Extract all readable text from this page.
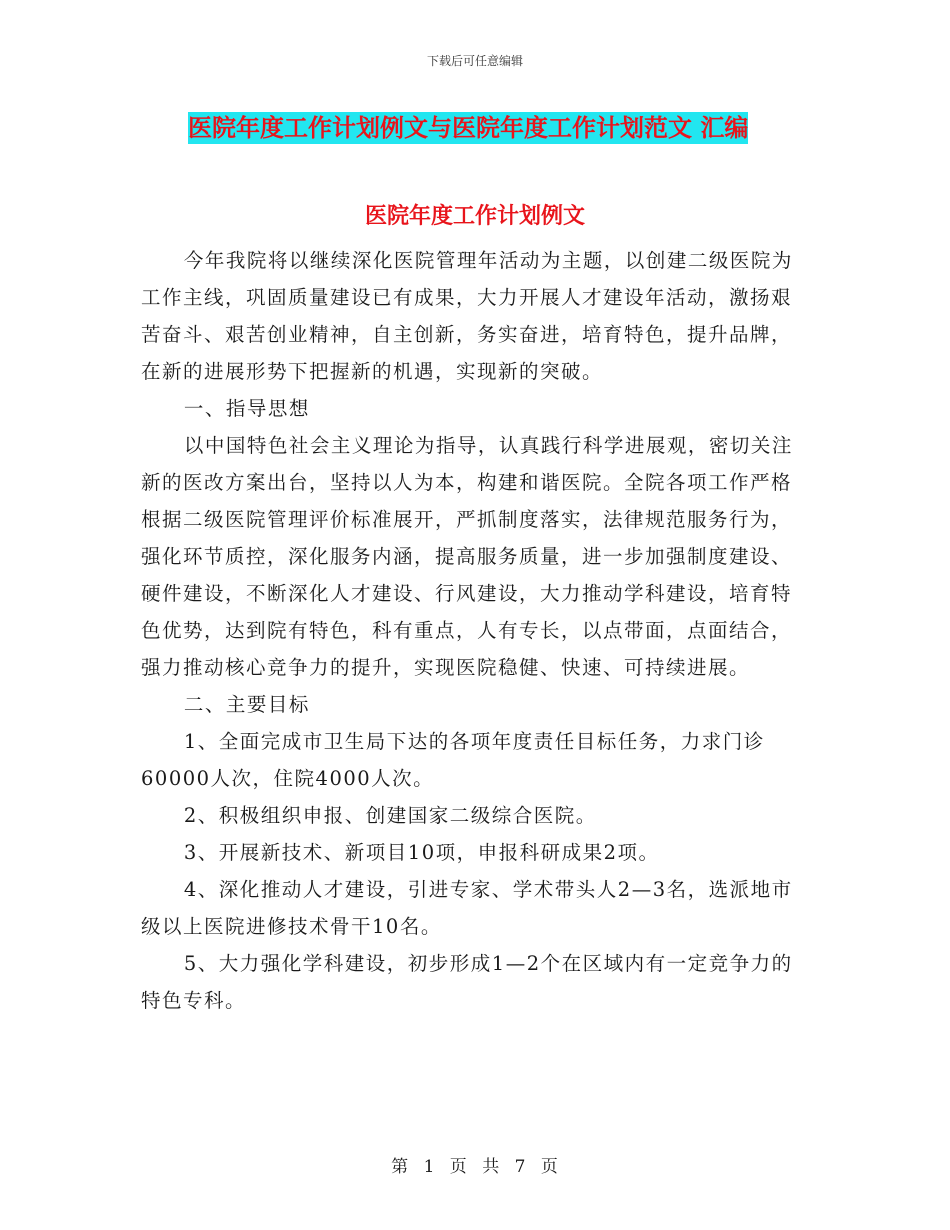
下载后可任意编辑
医院年度工作计划例文与医院年度工作计划范文 汇编
医院年度工作计划例文

今年我院将以继续深化医院管理年活动为主题，以创建二级医院为工作主线，巩固质量建设已有成果，大力开展人才建设年活动，激扬艰苦奋斗、艰苦创业精神，自主创新，务实奋进，培育特色，提升品牌，在新的进展形势下把握新的机遇，实现新的突破。

一、指导思想

以中国特色社会主义理论为指导，认真践行科学进展观，密切关注新的医改方案出台，坚持以人为本，构建和谐医院。全院各项工作严格根据二级医院管理评价标准展开，严抓制度落实，法律规范服务行为，强化环节质控，深化服务内涵，提高服务质量，进一步加强制度建设、硬件建设，不断深化人才建设、行风建设，大力推动学科建设，培育特色优势，达到院有特色，科有重点，人有专长，以点带面，点面结合，强力推动核心竞争力的提升，实现医院稳健、快速、可持续进展。

二、主要目标

1、全面完成市卫生局下达的各项年度责任目标任务，力求门诊60000人次，住院4000人次。

2、积极组织申报、创建国家二级综合医院。

3、开展新技术、新项目10项，申报科研成果2项。

4、深化推动人才建设，引进专家、学术带头人2—3名，选派地市级以上医院进修技术骨干10名。

5、大力强化学科建设，初步形成1—2个在区域内有一定竞争力的特色专科。

第 1 页 共 7 页
